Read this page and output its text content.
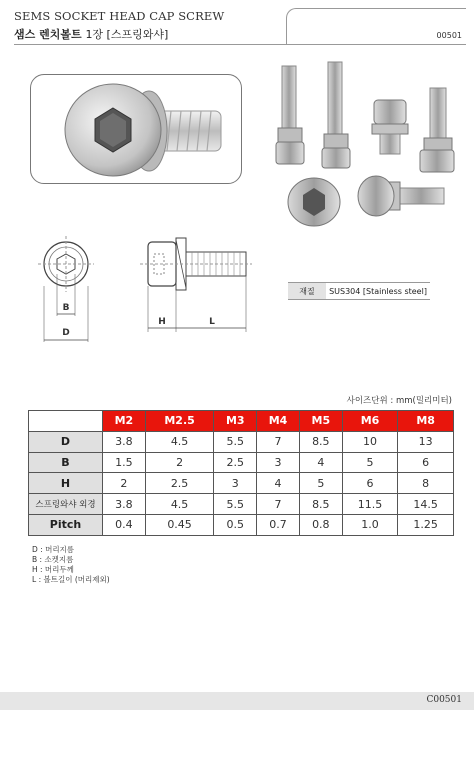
SEMS SOCKET HEAD CAP SCREW
샘스 렌치볼트 1장 [스프링와샤]	00501
B
D
H	L
재질	SUS304 [Stainless steel]
사이즈단위 : mm(밀리미터)
	M2	M2.5	M3	M4	M5	M6	M8
D	3.8	4.5	5.5	7	8.5	10	13
B	1.5	2	2.5	3	4	5	6
H	2	2.5	3	4	5	6	8
스프링와샤 외경	3.8	4.5	5.5	7	8.5	11.5	14.5
Pitch	0.4	0.45	0.5	0.7	0.8	1.0	1.25
D : 머리지름
B : 소켓지름
H : 머리두께
L : 볼트길이 (머리제외)
C00501
